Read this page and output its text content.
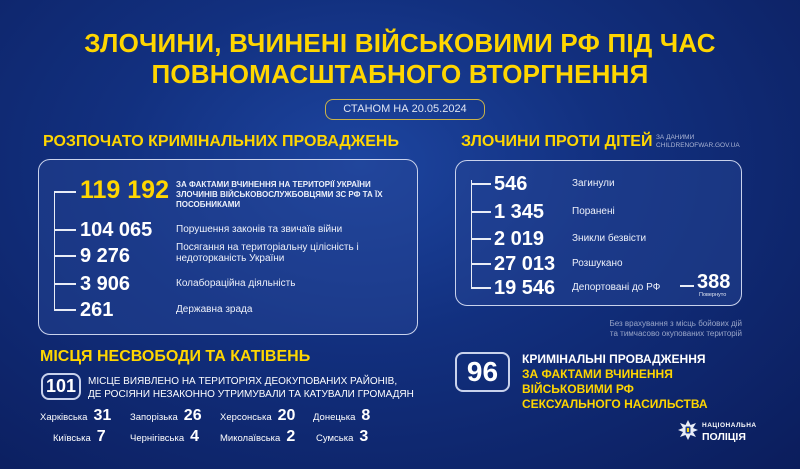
ЗЛОЧИНИ, ВЧИНЕНІ ВІЙСЬКОВИМИ РФ ПІД ЧАС
ПОВНОМАСШТАБНОГО ВТОРГНЕННЯ
СТАНОМ НА 20.05.2024
РОЗПОЧАТО КРИМІНАЛЬНИХ ПРОВАДЖЕНЬ
119 192 ЗА ФАКТАМИ ВЧИНЕННЯ НА ТЕРИТОРІЇ УКРАЇНИ ЗЛОЧИНІВ ВІЙСЬКОВОСЛУЖБОВЦЯМИ ЗС РФ ТА ЇХ ПОСОБНИКАМИ
104 065 Порушення законів та звичаїв війни
9 276	Посягання на територіальну цілісність і недоторканість України
3 906	Колабораційна діяльність
261	Державна зрада
ЗЛОЧИНИ ПРОТИ ДІТЕЙ ЗА ДАНИМИ
CHILDRENOFWAR.GOV.UA
546	Загинули
1 345	Поранені
2 019	Зникли безвісти
27 013 Розшукано
19 546 Депортовані до РФ 388
Повернуто
Без врахування з місць бойових дій
та тимчасово окупованих територій
МІСЦЯ НЕСВОБОДИ ТА КАТІВЕНЬ
101	МІСЦЕ ВИЯВЛЕНО НА ТЕРИТОРІЯХ ДЕОКУПОВАНИХ РАЙОНІВ,
ДЕ РОСІЯНИ НЕЗАКОННО УТРИМУВАЛИ ТА КАТУВАЛИ ГРОМАДЯН
Харківська 31 Запорізька 26 Херсонська 20 Донецька 8
Київська 7	Чернігівська 4 Миколаївська 2 Сумська 3
96	КРИМІНАЛЬНІ ПРОВАДЖЕННЯ
ЗА ФАКТАМИ ВЧИНЕННЯ
ВІЙСЬКОВИМИ РФ
СЕКСУАЛЬНОГО НАСИЛЬСТВА
НАЦІОНАЛЬНА
ПОЛІЦІЯ
